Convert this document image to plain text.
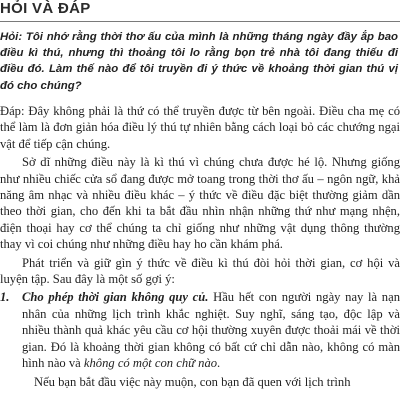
HỎI VÀ ĐÁP

Hỏi: Tôi nhớ rằng thời thơ ấu của mình là những tháng ngày đầy ắp bao điều kì thú, nhưng thì thoảng tôi lo rằng bọn trẻ nhà tôi đang thiếu đi điều đó. Làm thế nào để tôi truyền đi ý thức về khoảng thời gian thú vị đó cho chúng?

Đáp: Đây không phải là thứ có thể truyền được từ bên ngoài. Điều cha mẹ có thể làm là đơn giản hóa điều lý thú tự nhiên bằng cách loại bỏ các chướng ngại vật để tiếp cận chúng.

Sở dĩ những điều này là kì thú vì chúng chưa được hé lộ. Nhưng giống như nhiều chiếc cửa sổ đang được mở toang trong thời thơ ấu – ngôn ngữ, khả năng âm nhạc và nhiều điều khác – ý thức về điều đặc biệt thường giảm dần theo thời gian, cho đến khi ta bắt đầu nhìn nhận những thứ như mạng nhện, điện thoại hay cơ thể chúng ta chỉ giống như những vật dụng thông thường thay vì coi chúng như những điều hay ho cần khám phá.

Phát triển và giữ gìn ý thức về điều kì thú đòi hỏi thời gian, cơ hội và luyện tập. Sau đây là một số gợi ý:

1. Cho phép thời gian không quy củ. Hầu hết con người ngày nay là nạn nhân của những lịch trình khắc nghiệt. Suy nghĩ, sáng tạo, độc lập và nhiều thành quả khác yêu cầu cơ hội thường xuyên được thoải mái về thời gian. Đó là khoảng thời gian không có bất cứ chỉ dẫn nào, không có màn hình nào và không có một con chữ nào.

Nếu bạn bắt đầu việc này muộn, con bạn đã quen với lịch trình
